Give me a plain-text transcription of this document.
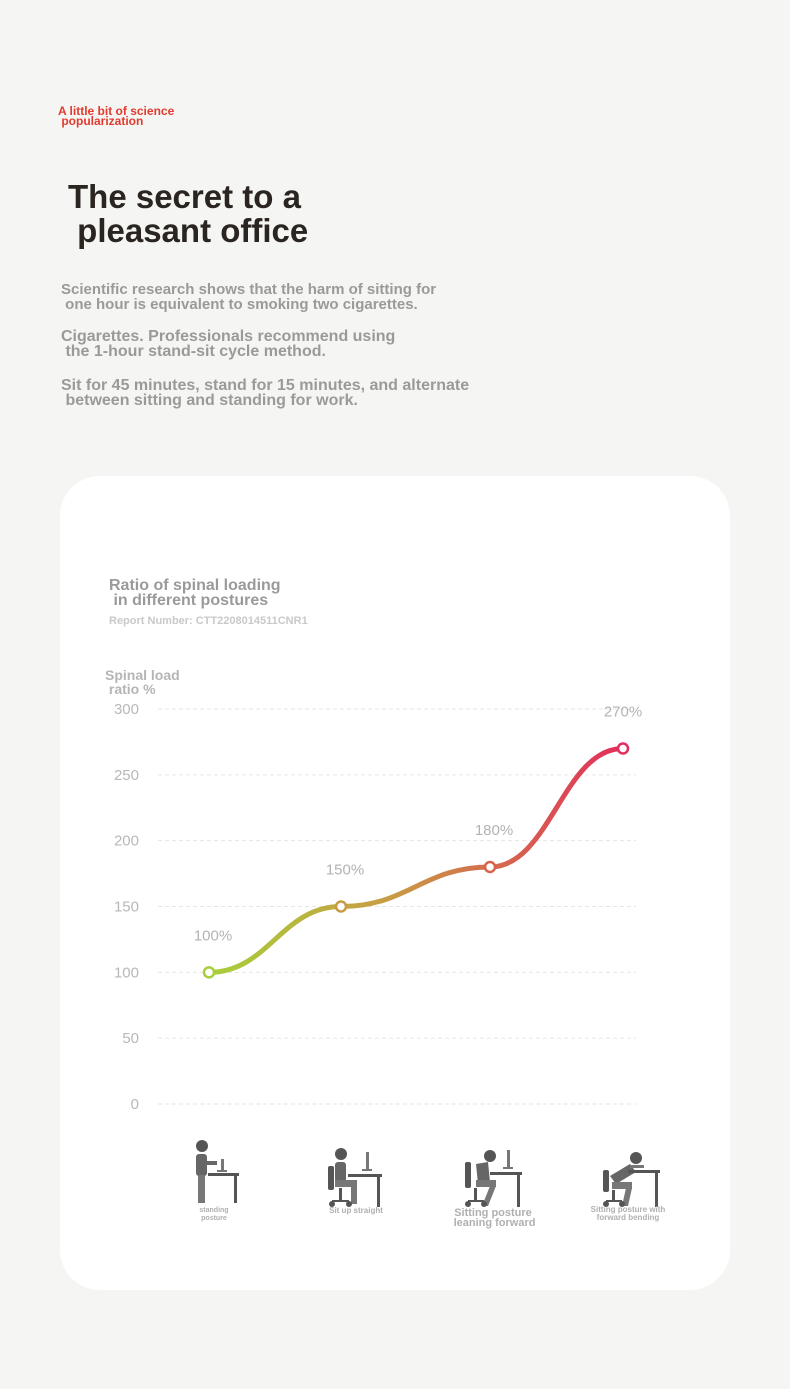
A little bit of science
popularization
The secret to a
pleasant office
Scientific research shows that the harm of sitting for
one hour is equivalent to smoking two cigarettes.
Cigarettes. Professionals recommend using
the 1-hour stand-sit cycle method.
Sit for 45 minutes, stand for 15 minutes, and alternate
between sitting and standing for work.
Ratio of spinal loading
in different postures
Report Number: CTT2208014511CNR1
Spinal load
ratio %
0
50
100
150
200
250
300
100%
150%
180%
270%
standing
posture
Sit up straight	Sitting posture
leaning forward
Sitting posture with
forward bending
